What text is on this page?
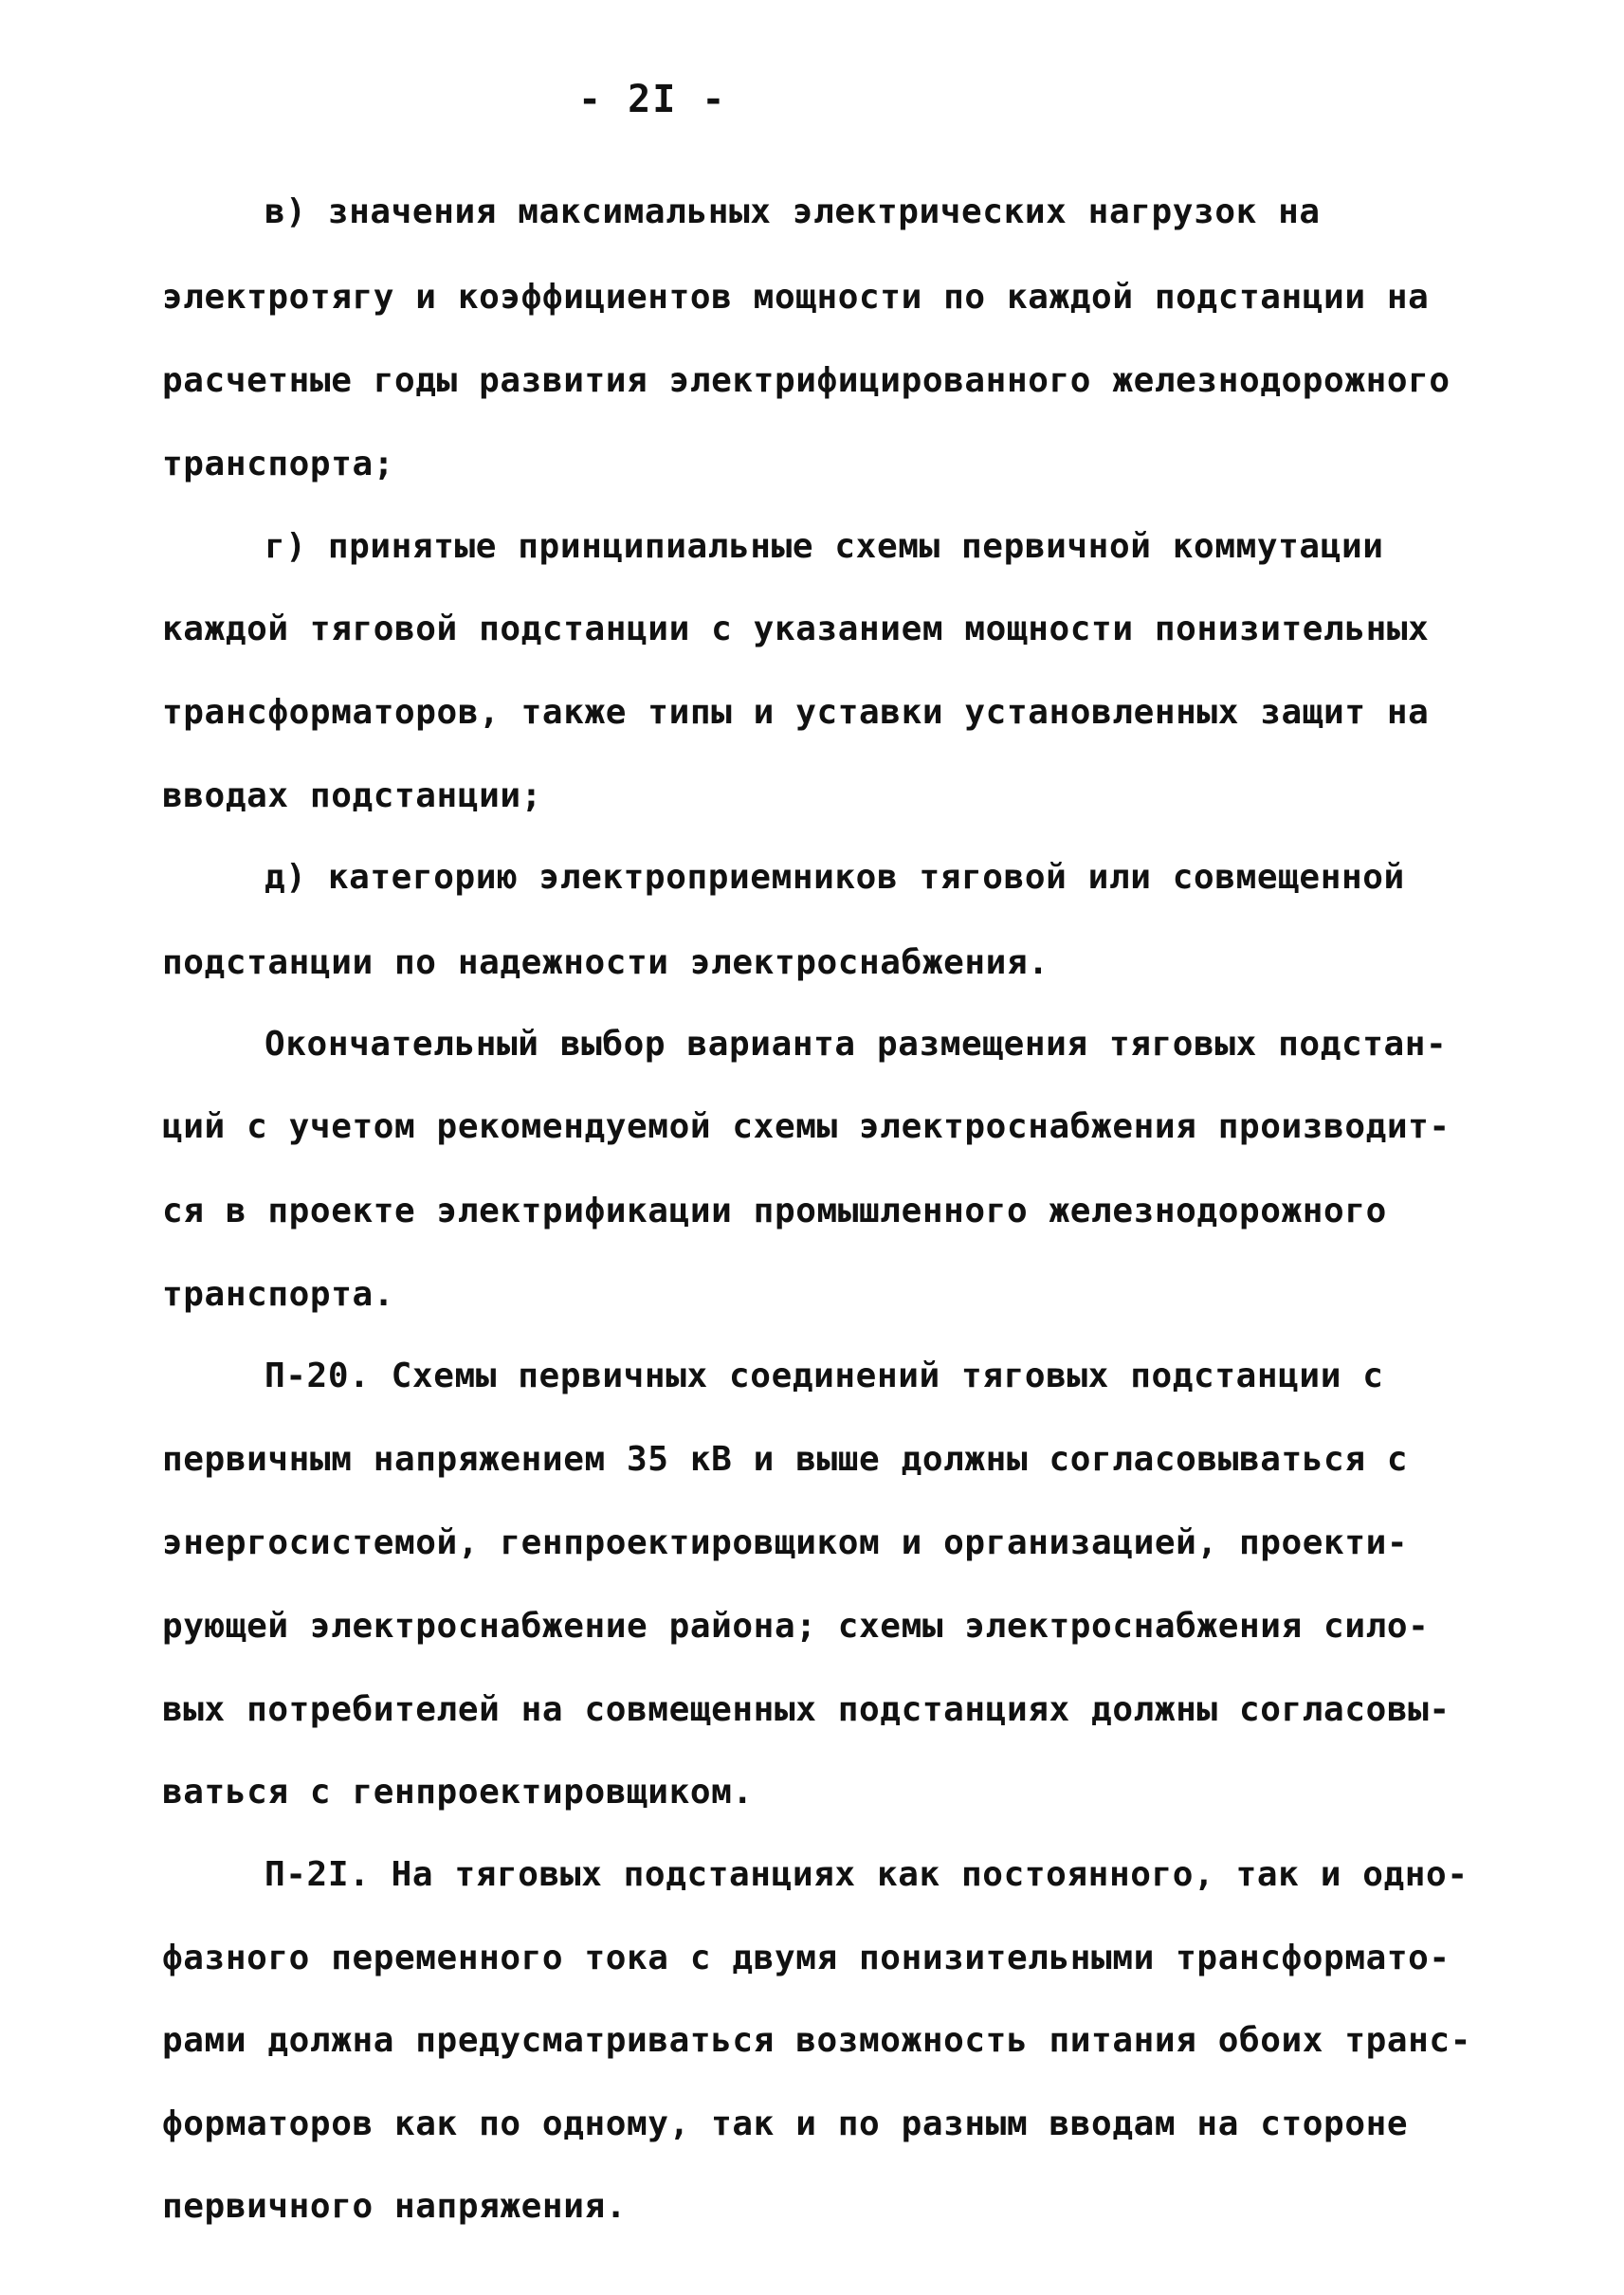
- 2I -
в) значения максимальных электрических нагрузок на
электротягу и коэффициентов мощности по каждой подстанции на
расчетные годы развития электрифицированного железнодорожного
транспорта;
г) принятые принципиальные схемы первичной коммутации
каждой тяговой подстанции с указанием мощности понизительных
трансформаторов, также типы и уставки установленных защит на
вводах подстанции;
д) категорию электроприемников тяговой или совмещенной
подстанции по надежности электроснабжения.
Окончательный выбор варианта размещения тяговых подстан-
ций с учетом рекомендуемой схемы электроснабжения производит-
ся в проекте электрификации промышленного железнодорожного
транспорта.
П-20. Схемы первичных соединений тяговых подстанции с
первичным напряжением 35 кВ и выше должны согласовываться с
энергосистемой, генпроектировщиком и организацией, проекти-
рующей электроснабжение района; схемы электроснабжения сило-
вых потребителей на совмещенных подстанциях должны согласовы-
ваться с генпроектировщиком.
П-2I. На тяговых подстанциях как постоянного, так и одно-
фазного переменного тока с двумя понизительными трансформато-
рами должна предусматриваться возможность питания обоих транс-
форматоров как по одному, так и по разным вводам на стороне
первичного напряжения.
